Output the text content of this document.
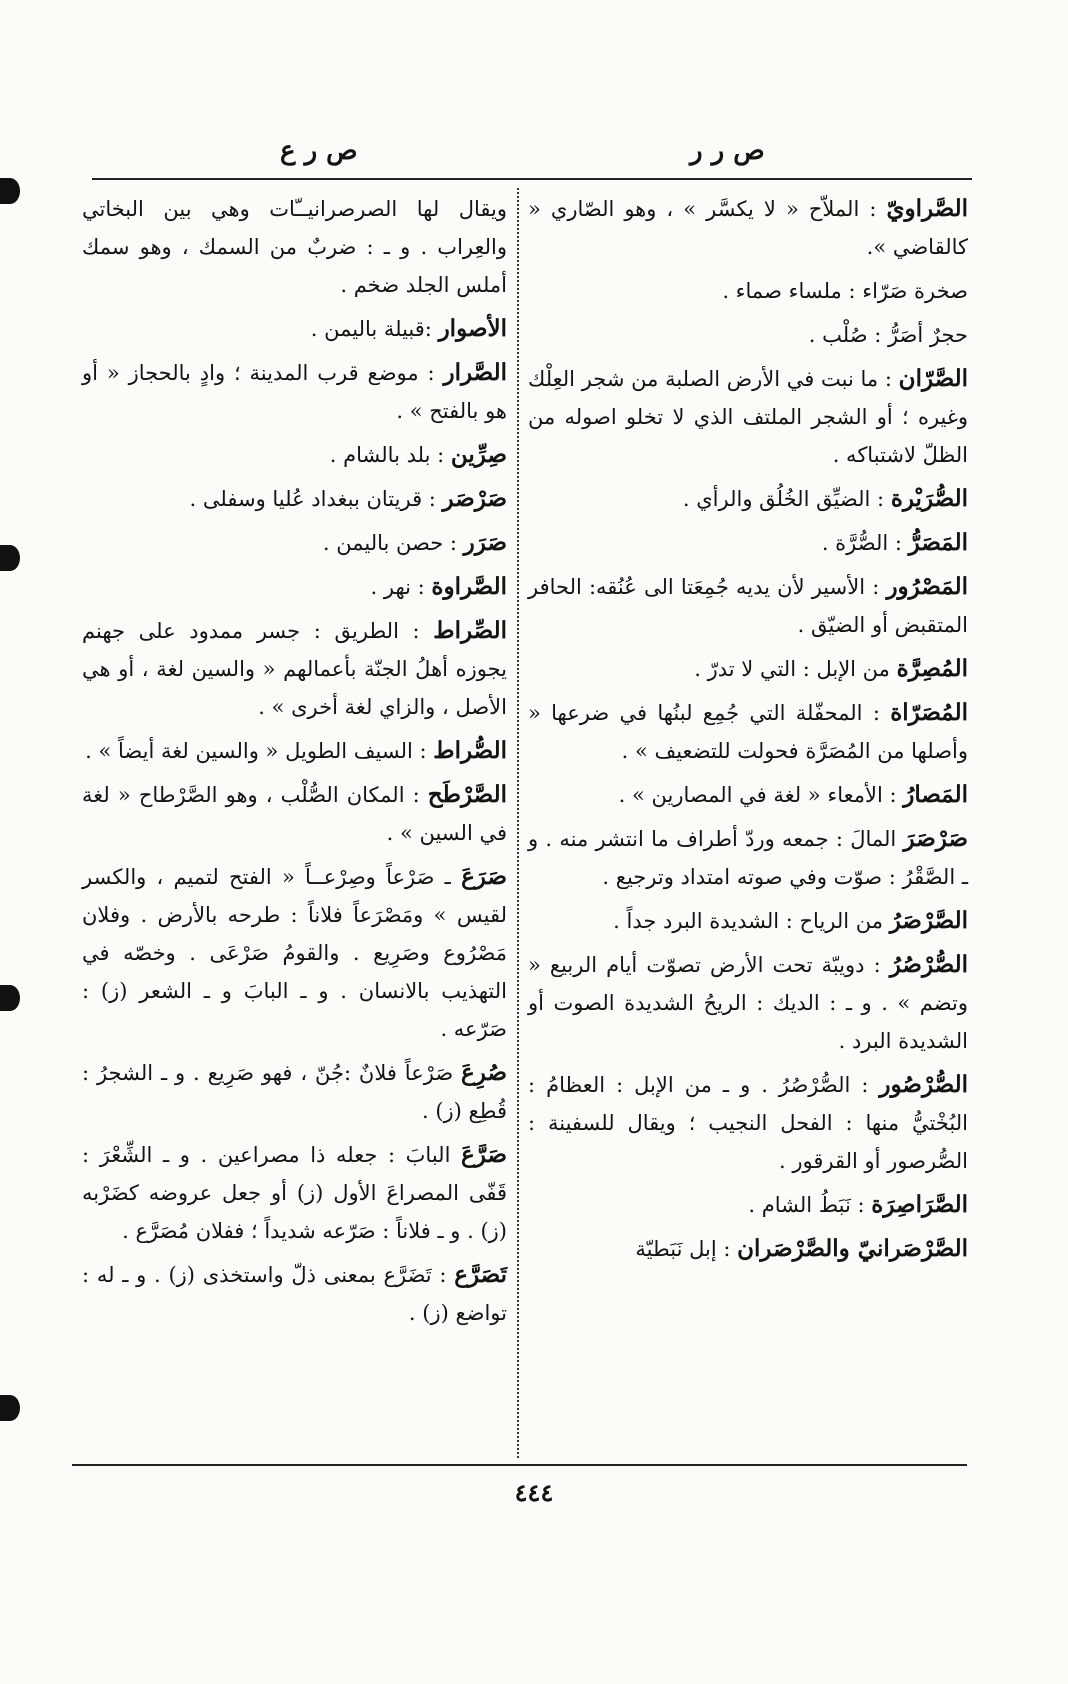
ص ر ر
ص ر ع
الصَّراويّ : الملاّح « لا يكسَّر » ، وهو الصّاري « كالقاضي ».
صخرة صَرّاء : ملساء صماء .
حجرٌ أصَرُّ : صُلْب .
الصَّرّان : ما نبت في الأرض الصلبة من شجر العِلْك وغيره ؛ أو الشجر الملتف الذي لا تخلو اصوله من الظلّ لاشتباكه .
الصُّرَيْرة : الضيِّق الخُلُق والرأي .
المَصَرُّ : الصُّرَّة .
المَصْرُور : الأسير لأن يديه جُمِعَتا الى عُنُقه: الحافر المتقبض أو الضيّق .
المُصِرَّة من الإبل : التي لا تدرّ .
المُصَرّاة : المحفّلة التي جُمِع لبنُها في ضرعها « وأصلها من المُصَرَّة فحولت للتضعيف » .
المَصارُ : الأمعاء « لغة في المصارين » .
صَرْصَرَ المالَ : جمعه وردّ أطراف ما انتشر منه . و ـ الصَّقْرُ : صوّت وفي صوته امتداد وترجيع .
الصَّرْصَرُ من الرياح : الشديدة البرد جداً .
الصُّرْصُرُ : دويبّة تحت الأرض تصوّت أيام الربيع « وتضم » . و ـ : الديك : الريحُ الشديدة الصوت أو الشديدة البرد .
الصُّرْصُور : الصُّرْصُرُ . و ـ من الإبل : العظامُ : البُخْتيُّ منها : الفحل النجيب ؛ ويقال للسفينة : الصُّرصور أو القرقور .
الصَّرَاصِرَة : نَبَطُ الشام .
الصَّرْصَرانيّ والصَّرْصَران : إبل نَبَطيّة
ويقال لها الصرصرانيــّات وهي بين البخاتي والعِراب . و ـ : ضربٌ من السمك ، وهو سمك أملس الجلد ضخم .
الأصوار :قبيلة باليمن .
الصَّرار : موضع قرب المدينة ؛ وادٍ بالحجاز « أو هو بالفتح » .
صِرِّين : بلد بالشام .
صَرْصَر : قريتان ببغداد عُليا وسفلى .
صَرَر : حصن باليمن .
الصَّراوة : نهر .
الصِّراط : الطريق : جسر ممدود على جهنم يجوزه أهلُ الجنّة بأعمالهم « والسين لغة ، أو هي الأصل ، والزاي لغة أخرى » .
الصُّراط : السيف الطويل « والسين لغة أيضاً » .
الصَّرْطَح : المكان الصُّلْب ، وهو الصَّرْطاح « لغة في السين » .
صَرَعَ ـ صَرْعاً وصِرْعــاً « الفتح لتميم ، والكسر لقيس » ومَصْرَعاً فلاناً : طرحه بالأرض . وفلان مَصْرُوع وصَرِيع . والقومُ صَرْعَى . وخصّه في التهذيب بالانسان . و ـ البابَ و ـ الشعر (ز) : صَرّعه .
صُرِعَ صَرْعاً فلانٌ :جُنّ ، فهو صَرِيع . و ـ الشجرُ : قُطِع (ز) .
صَرَّعَ البابَ : جعله ذا مصراعين . و ـ الشِّعْرَ : قَفّى المصراعَ الأول (ز) أو جعل عروضه كضَرْبه (ز) . و ـ فلاناً : صَرّعه شديداً ؛ ففلان مُصَرَّع .
تَصَرَّع : تَضَرَّع بمعنى ذلّ واستخذى (ز) . و ـ له : تواضع (ز) .
٤٤٤
